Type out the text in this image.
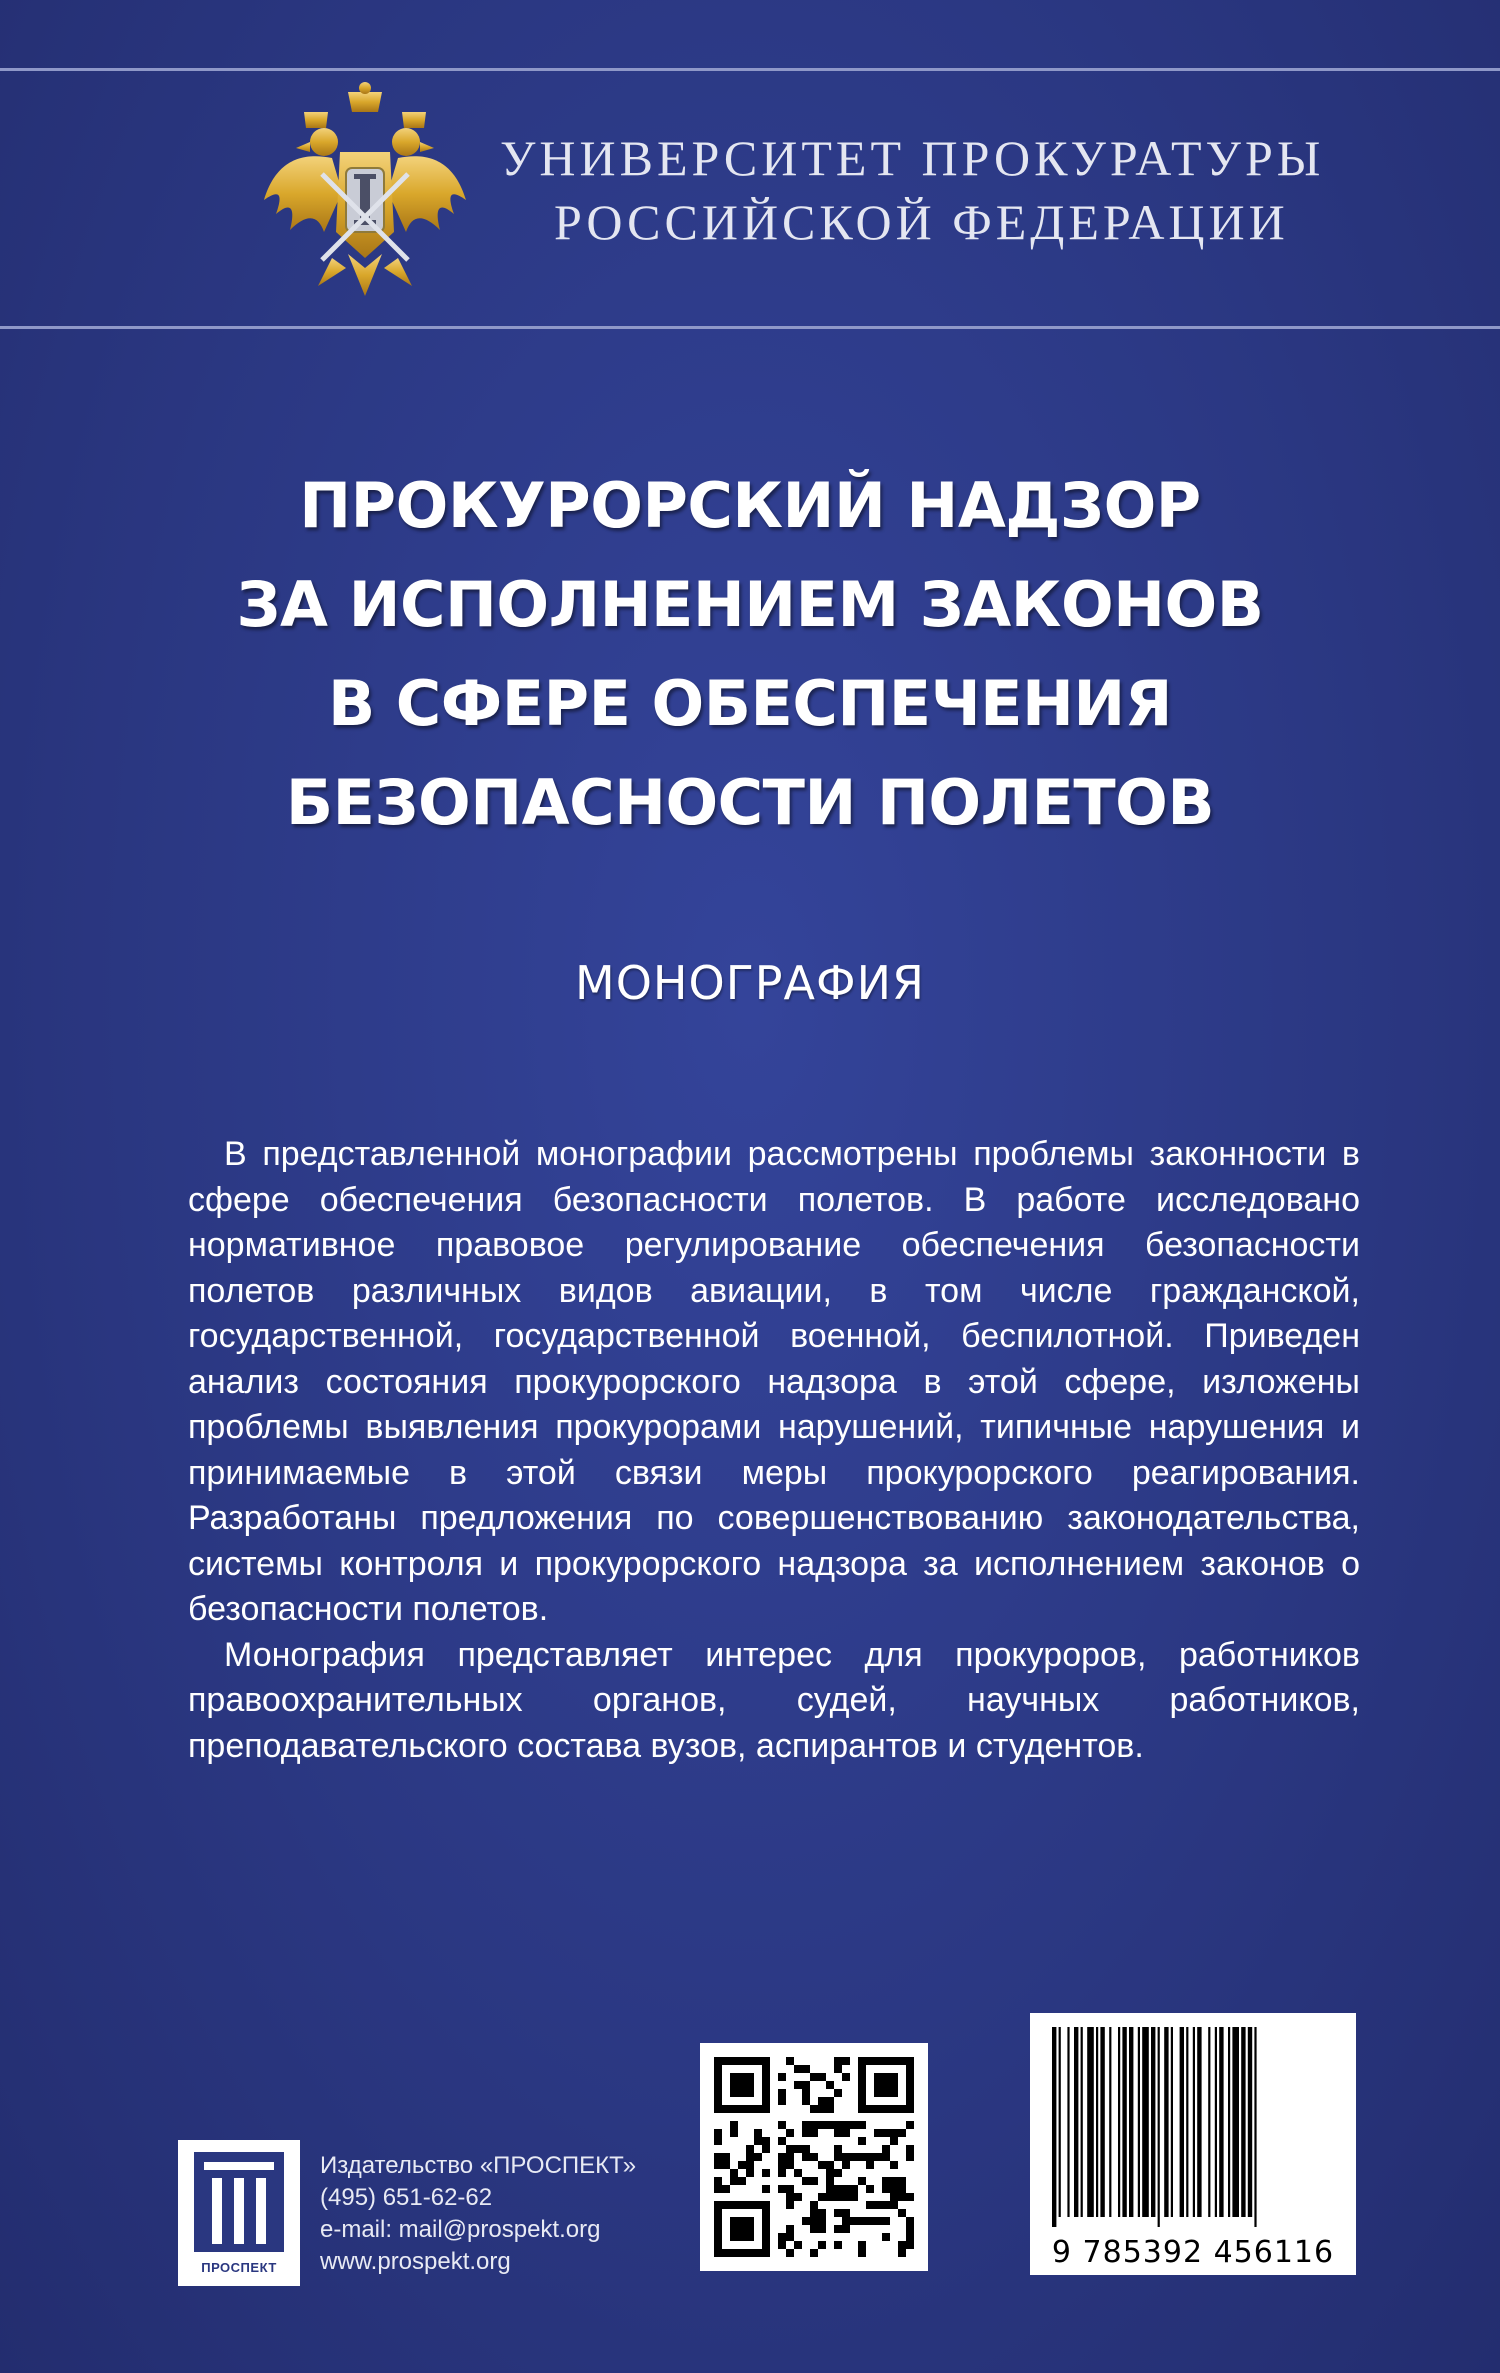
УНИВЕРСИТЕТ ПРОКУРАТУРЫ
РОССИЙСКОЙ ФЕДЕРАЦИИ
ПРОКУРОРСКИЙ НАДЗОР
ЗА ИСПОЛНЕНИЕМ ЗАКОНОВ
В СФЕРЕ ОБЕСПЕЧЕНИЯ
БЕЗОПАСНОСТИ ПОЛЕТОВ
МОНОГРАФИЯ

В представленной монографии рассмотрены проблемы законности в сфере обеспечения безопасности полетов. В работе исследовано нормативное правовое регулирование обеспечения безопасности полетов различных видов авиации, в том числе гражданской, государственной, государственной военной, беспилотной. Приведен анализ состояния прокурорского надзора в этой сфере, изложены проблемы выявления прокурорами нарушений, типичные нарушения и принимаемые в этой связи меры прокурорского реагирования. Разработаны предложения по совершенствованию законодательства, системы контроля и прокурорского надзора за исполнением законов о безопасности полетов.

Монография представляет интерес для прокуроров, работников правоохранительных органов, судей, научных работников, преподавательского состава вузов, аспирантов и студентов.

ПРОСПЕКТ
Издательство «ПРОСПЕКТ»
(495) 651-62-62
e-mail: mail@prospekt.org
www.prospekt.org	9 785392 456116
